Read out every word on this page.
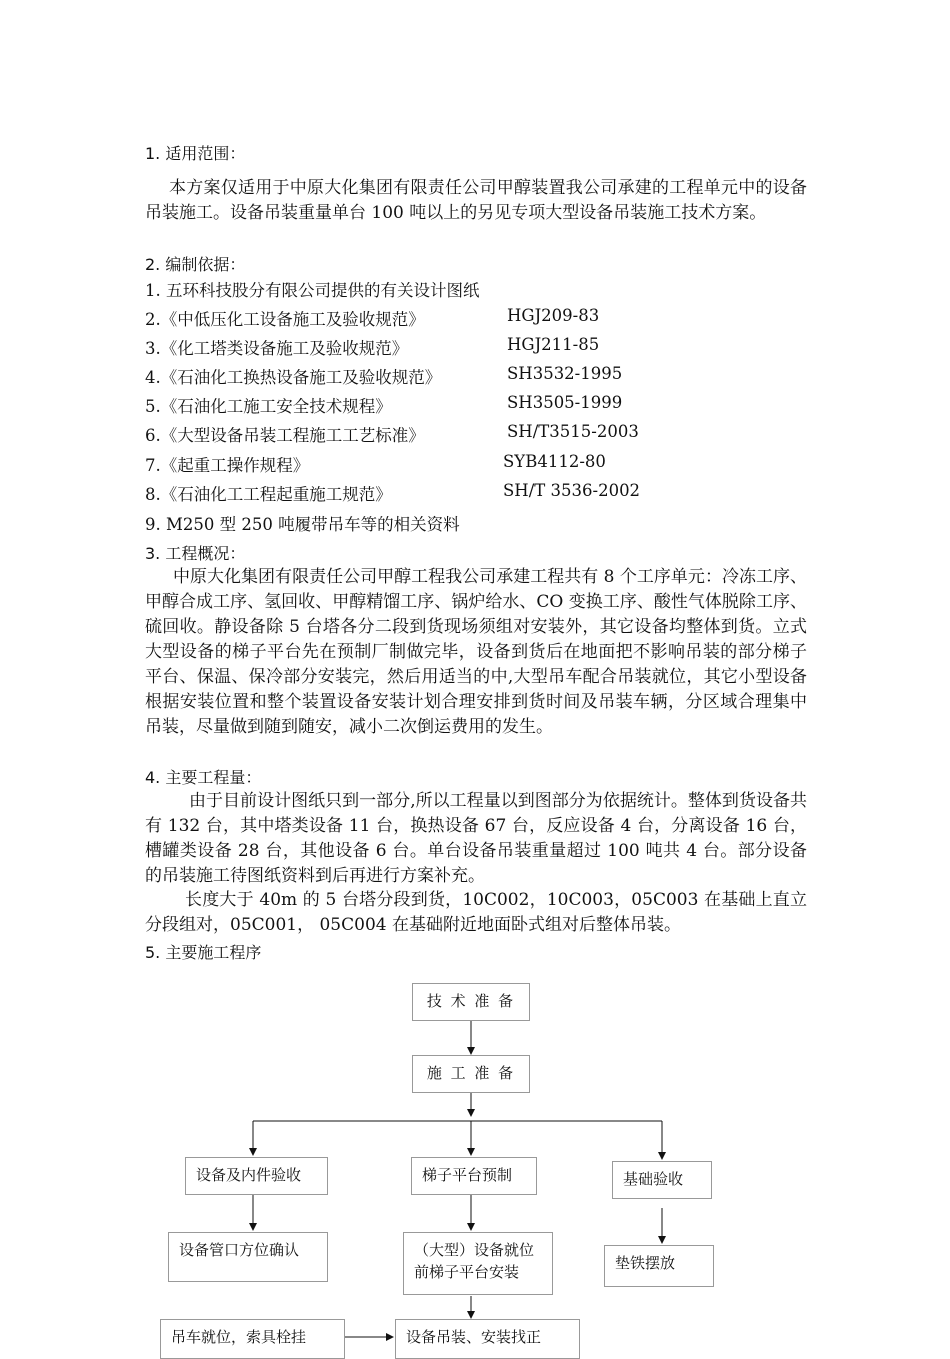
1. 适用范围：
本方案仅适用于中原大化集团有限责任公司甲醇装置我公司承建的工程单元中的设备吊装施工。设备吊装重量单台 100 吨以上的另见专项大型设备吊装施工技术方案。
2. 编制依据：
1. 五环科技股分有限公司提供的有关设计图纸
2.《中低压化工设备施工及验收规范》	HGJ209-83
3.《化工塔类设备施工及验收规范》	HGJ211-85
4.《石油化工换热设备施工及验收规范》	SH3532-1995
5.《石油化工施工安全技术规程》	SH3505-1999
6.《大型设备吊装工程施工工艺标准》	SH/T3515-2003
7.《起重工操作规程》	SYB4112-80
8.《石油化工工程起重施工规范》	SH/T 3536-2002
9. M250 型 250 吨履带吊车等的相关资料
3. 工程概况：
中原大化集团有限责任公司甲醇工程我公司承建工程共有 8 个工序单元：冷冻工序、甲醇合成工序、氢回收、甲醇精馏工序、锅炉给水、CO 变换工序、酸性气体脱除工序、硫回收。静设备除 5 台塔各分二段到货现场须组对安装外，其它设备均整体到货。立式大型设备的梯子平台先在预制厂制做完毕，设备到货后在地面把不影响吊装的部分梯子平台、保温、保冷部分安装完，然后用适当的中,大型吊车配合吊装就位，其它小型设备根据安装位置和整个装置设备安装计划合理安排到货时间及吊装车辆，分区域合理集中吊装，尽量做到随到随安，减小二次倒运费用的发生。
4. 主要工程量：
由于目前设计图纸只到一部分,所以工程量以到图部分为依据统计。整体到货设备共有 132 台，其中塔类设备 11 台，换热设备 67 台，反应设备 4 台，分离设备 16 台，槽罐类设备 28 台，其他设备 6 台。单台设备吊装重量超过 100 吨共 4 台。部分设备的吊装施工待图纸资料到后再进行方案补充。
长度大于 40m 的 5 台塔分段到货，10C002，10C003，05C003 在基础上直立分段组对，05C001， 05C004 在基础附近地面卧式组对后整体吊装。
5. 主要施工程序
技 术 准 备
施 工 准 备
设备及内件验收	梯子平台预制	基础验收
设备管口方位确认	（大型）设备就位前梯子平台安装	垫铁摆放
吊车就位，索具栓挂	设备吊装、安装找正
